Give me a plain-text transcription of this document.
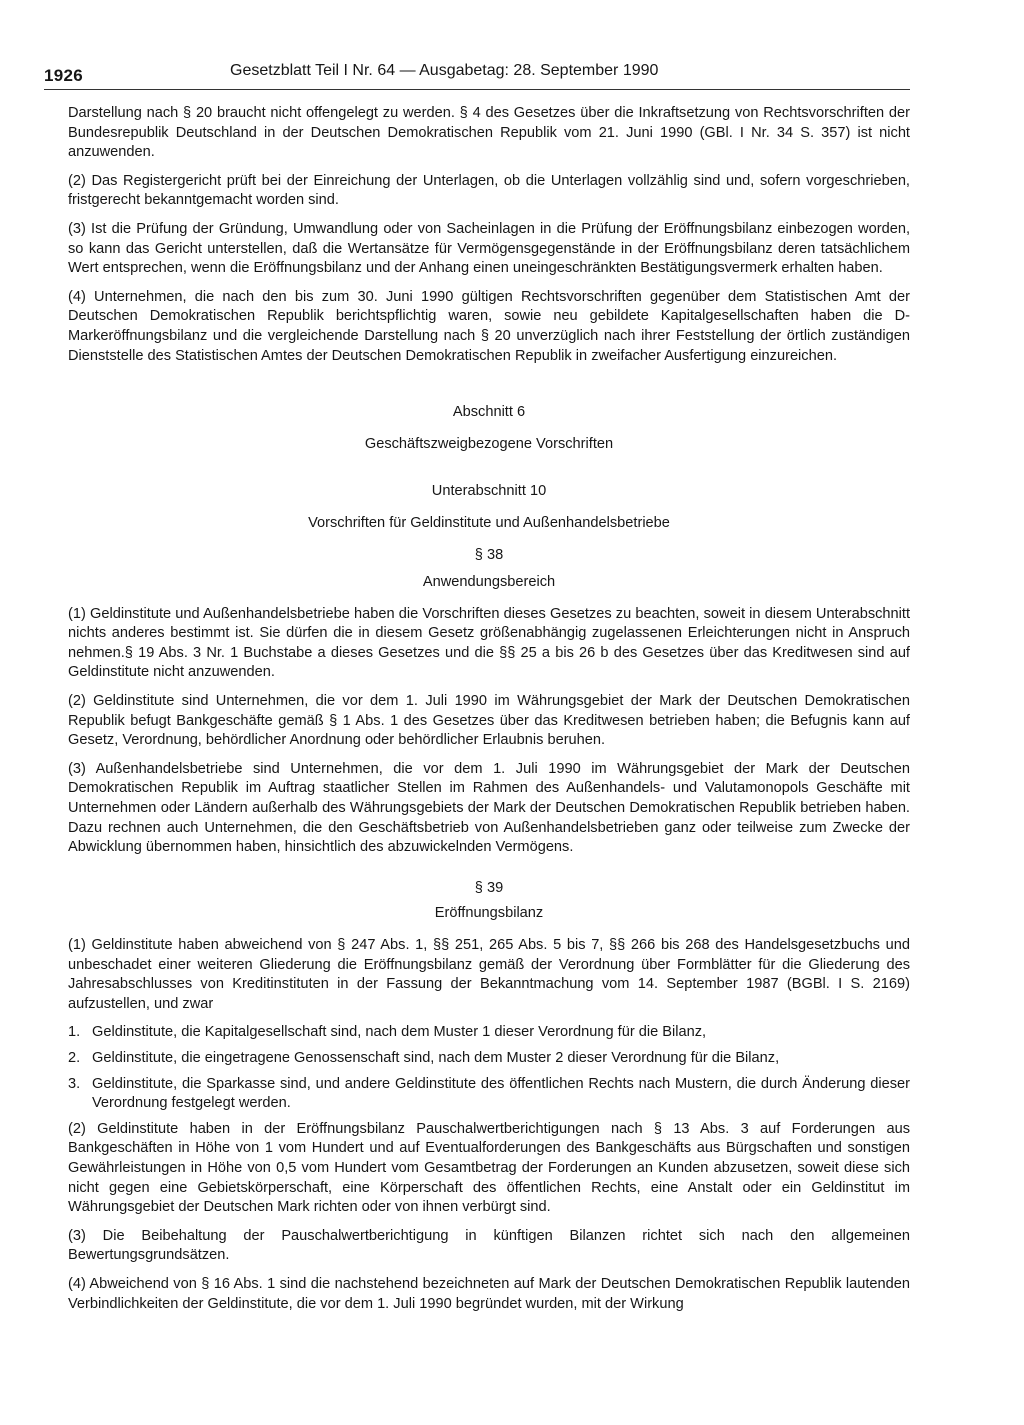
1926	Gesetzblatt Teil I Nr. 64 — Ausgabetag: 28. September 1990

Darstellung nach § 20 braucht nicht offengelegt zu werden. § 4 des Gesetzes über die Inkraftsetzung von Rechtsvorschriften der Bundesrepublik Deutschland in der Deutschen Demokratischen Republik vom 21. Juni 1990 (GBl. I Nr. 34 S. 357) ist nicht anzuwenden.

(2) Das Registergericht prüft bei der Einreichung der Unterlagen, ob die Unterlagen vollzählig sind und, sofern vorgeschrieben, fristgerecht bekanntgemacht worden sind.

(3) Ist die Prüfung der Gründung, Umwandlung oder von Sacheinlagen in die Prüfung der Eröffnungsbilanz einbezogen worden, so kann das Gericht unterstellen, daß die Wertansätze für Vermögensgegenstände in der Eröffnungsbilanz deren tatsächlichem Wert entsprechen, wenn die Eröffnungsbilanz und der Anhang einen uneingeschränkten Bestätigungsvermerk erhalten haben.

(4) Unternehmen, die nach den bis zum 30. Juni 1990 gültigen Rechtsvorschriften gegenüber dem Statistischen Amt der Deutschen Demokratischen Republik berichtspflichtig waren, sowie neu gebildete Kapitalgesellschaften haben die D-Markeröffnungsbilanz und die vergleichende Darstellung nach § 20 unverzüglich nach ihrer Feststellung der örtlich zuständigen Dienststelle des Statistischen Amtes der Deutschen Demokratischen Republik in zweifacher Ausfertigung einzureichen.

Abschnitt 6

Geschäftszweigbezogene Vorschriften

Unterabschnitt 10

Vorschriften für Geldinstitute und Außenhandelsbetriebe

§ 38

Anwendungsbereich

(1) Geldinstitute und Außenhandelsbetriebe haben die Vorschriften dieses Gesetzes zu beachten, soweit in diesem Unterabschnitt nichts anderes bestimmt ist. Sie dürfen die in diesem Gesetz größenabhängig zugelassenen Erleichterungen nicht in Anspruch nehmen.§ 19 Abs. 3 Nr. 1 Buchstabe a dieses Gesetzes und die §§ 25 a bis 26 b des Gesetzes über das Kreditwesen sind auf Geldinstitute nicht anzuwenden.

(2) Geldinstitute sind Unternehmen, die vor dem 1. Juli 1990 im Währungsgebiet der Mark der Deutschen Demokratischen Republik befugt Bankgeschäfte gemäß § 1 Abs. 1 des Gesetzes über das Kreditwesen betrieben haben; die Befugnis kann auf Gesetz, Verordnung, behördlicher Anordnung oder behördlicher Erlaubnis beruhen.

(3) Außenhandelsbetriebe sind Unternehmen, die vor dem 1. Juli 1990 im Währungsgebiet der Mark der Deutschen Demokratischen Republik im Auftrag staatlicher Stellen im Rahmen des Außenhandels- und Valutamonopols Geschäfte mit Unternehmen oder Ländern außerhalb des Währungsgebiets der Mark der Deutschen Demokratischen Republik betrieben haben. Dazu rechnen auch Unternehmen, die den Geschäftsbetrieb von Außenhandelsbetrieben ganz oder teilweise zum Zwecke der Abwicklung übernommen haben, hinsichtlich des abzuwickelnden Vermögens.

§ 39

Eröffnungsbilanz

(1) Geldinstitute haben abweichend von § 247 Abs. 1, §§ 251, 265 Abs. 5 bis 7, §§ 266 bis 268 des Handelsgesetzbuchs und unbeschadet einer weiteren Gliederung die Eröffnungsbilanz gemäß der Verordnung über Formblätter für die Gliederung des Jahresabschlusses von Kreditinstituten in der Fassung der Bekanntmachung vom 14. September 1987 (BGBl. I S. 2169) aufzustellen, und zwar

1. Geldinstitute, die Kapitalgesellschaft sind, nach dem Muster 1 dieser Verordnung für die Bilanz,
2. Geldinstitute, die eingetragene Genossenschaft sind, nach dem Muster 2 dieser Verordnung für die Bilanz,
3. Geldinstitute, die Sparkasse sind, und andere Geldinstitute des öffentlichen Rechts nach Mustern, die durch Änderung dieser Verordnung festgelegt werden.

(2) Geldinstitute haben in der Eröffnungsbilanz Pauschalwertberichtigungen nach § 13 Abs. 3 auf Forderungen aus Bankgeschäften in Höhe von 1 vom Hundert und auf Eventualforderungen des Bankgeschäfts aus Bürgschaften und sonstigen Gewährleistungen in Höhe von 0,5 vom Hundert vom Gesamtbetrag der Forderungen an Kunden abzusetzen, soweit diese sich nicht gegen eine Gebietskörperschaft, eine Körperschaft des öffentlichen Rechts, eine Anstalt oder ein Geldinstitut im Währungsgebiet der Deutschen Mark richten oder von ihnen verbürgt sind.

(3) Die Beibehaltung der Pauschalwertberichtigung in künftigen Bilanzen richtet sich nach den allgemeinen Bewertungsgrundsätzen.

(4) Abweichend von § 16 Abs. 1 sind die nachstehend bezeichneten auf Mark der Deutschen Demokratischen Republik lautenden Verbindlichkeiten der Geldinstitute, die vor dem 1. Juli 1990 begründet wurden, mit der Wirkung
